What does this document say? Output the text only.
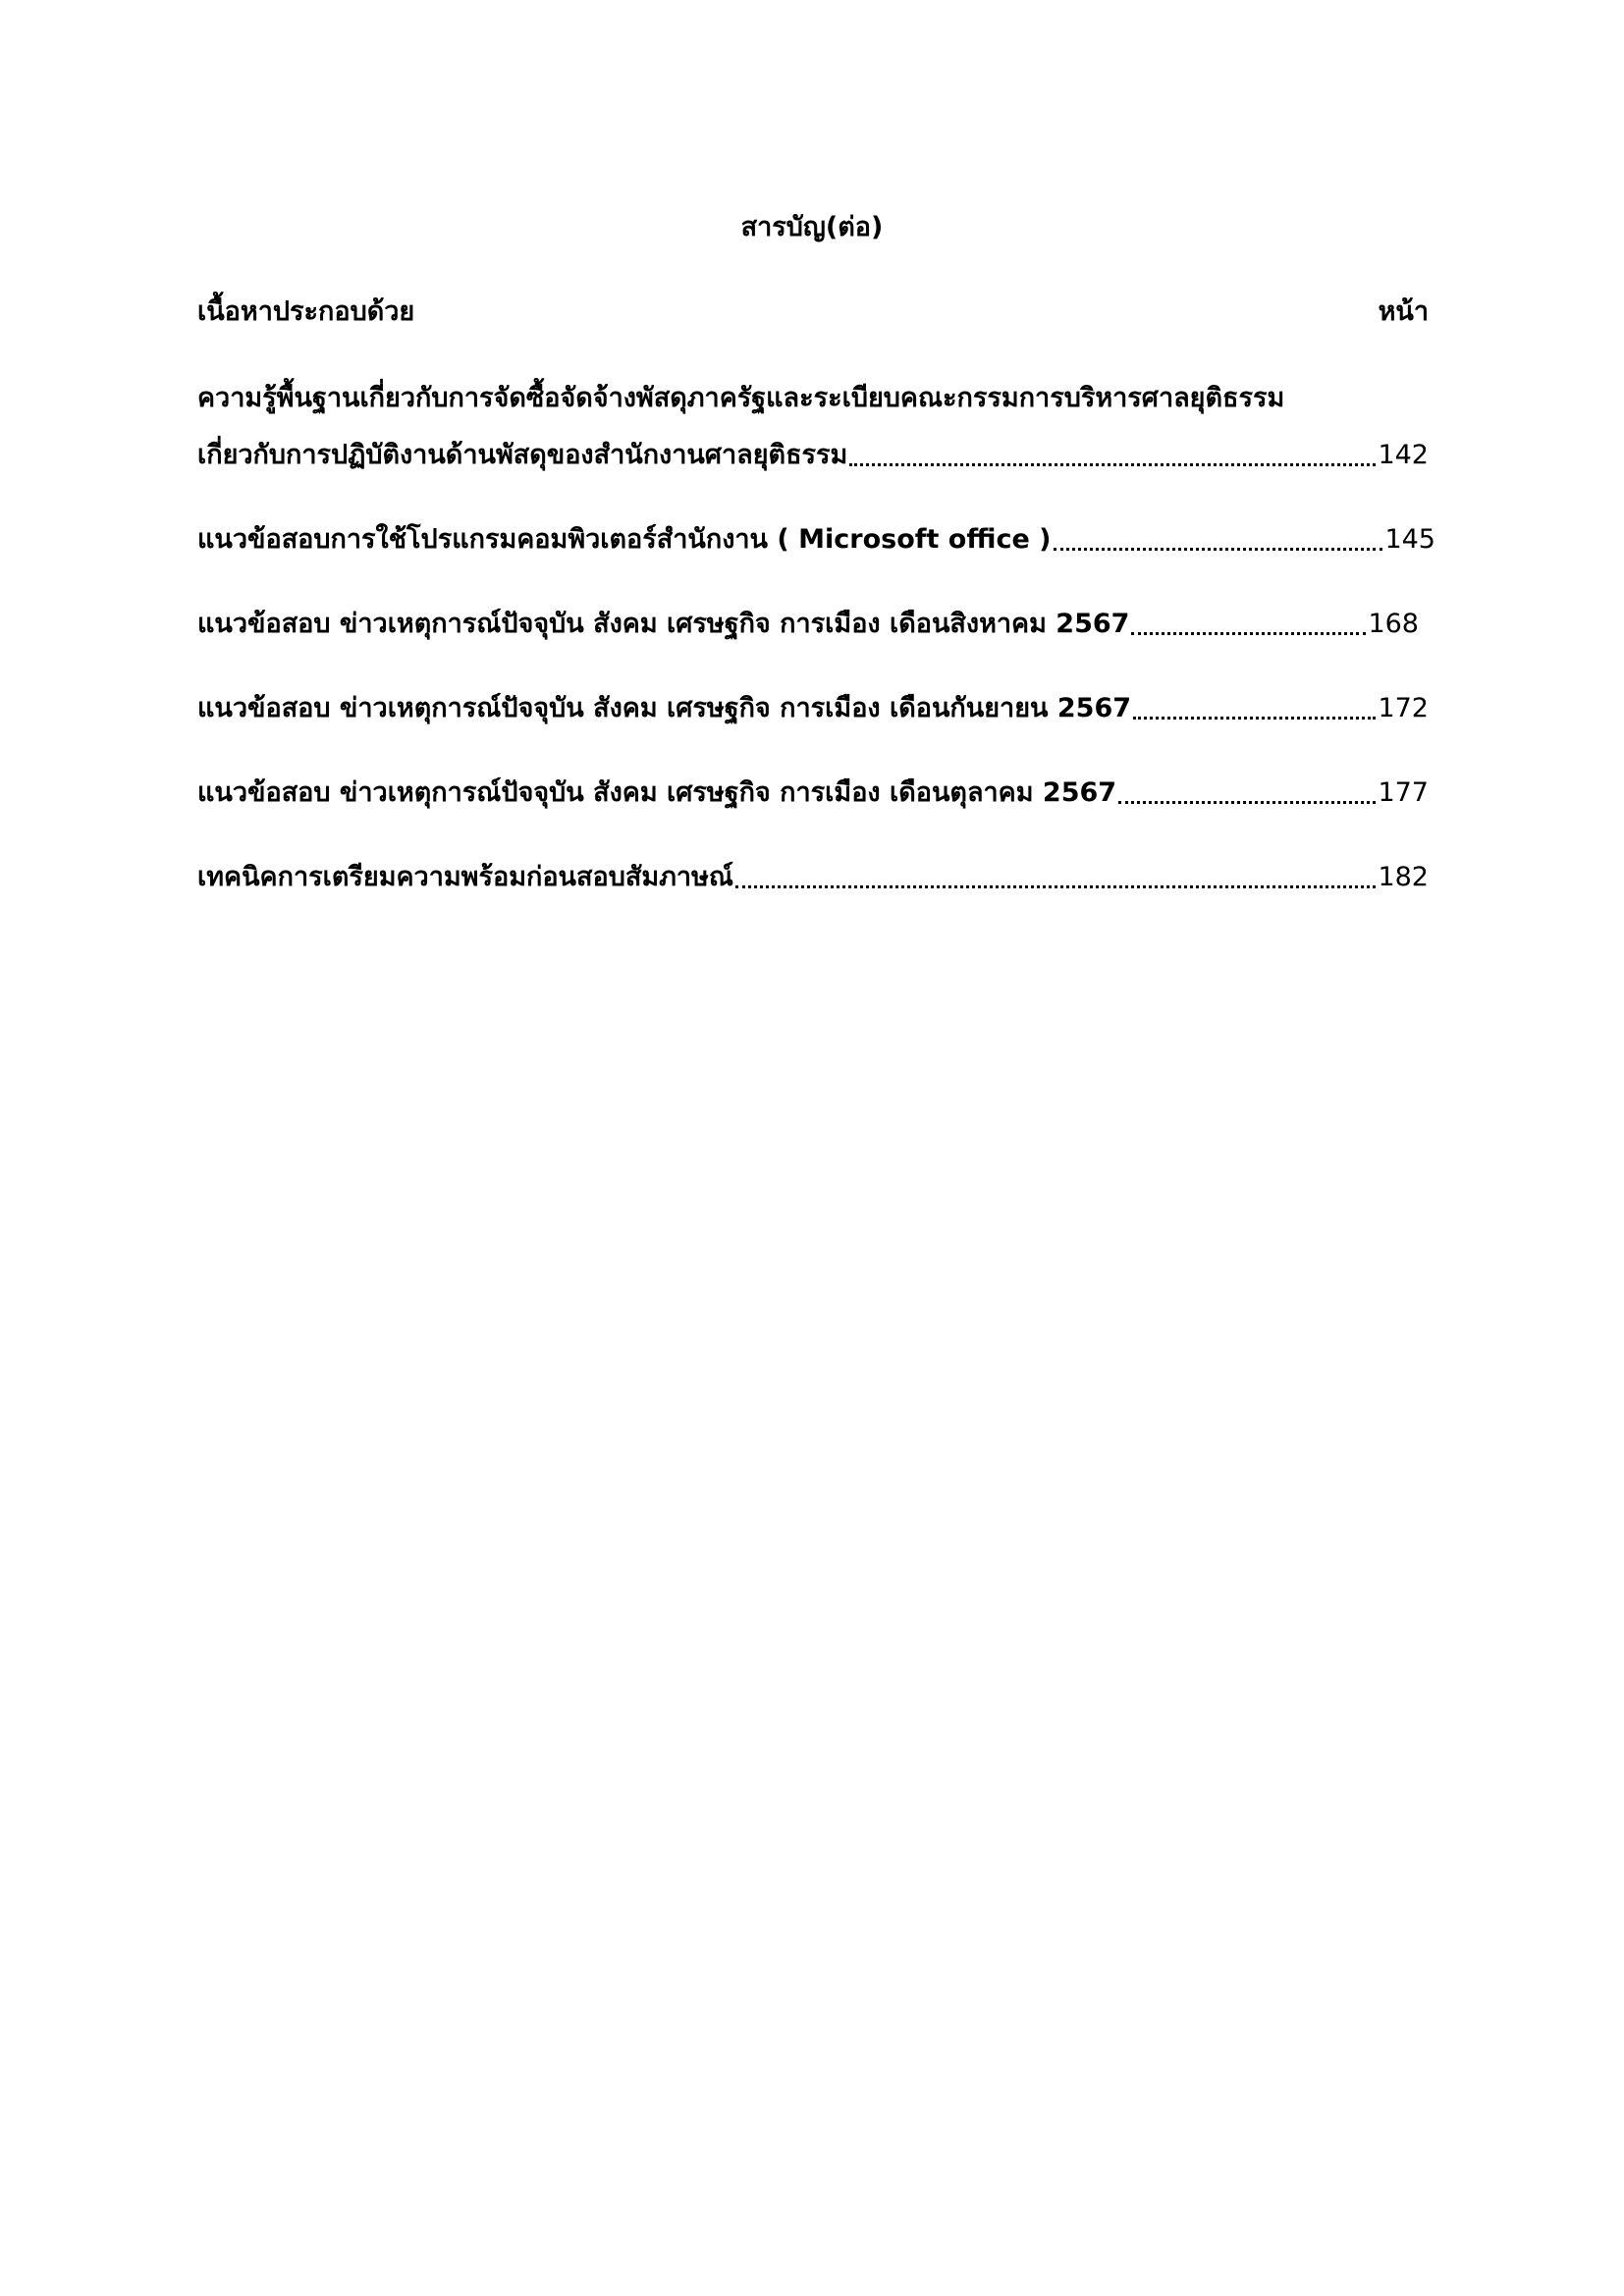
สารบัญ(ต่อ)
เนื้อหาประกอบด้วย	หน้า
ความรู้พื้นฐานเกี่ยวกับการจัดซื้อจัดจ้างพัสดุภาครัฐและระเบียบคณะกรรมการบริหารศาลยุติธรรม
เกี่ยวกับการปฏิบัติงานด้านพัสดุของสำนักงานศาลยุติธรรม	142
แนวข้อสอบการใช้โปรแกรมคอมพิวเตอร์สำนักงาน ( Microsoft office )	145
แนวข้อสอบ ข่าวเหตุการณ์ปัจจุบัน สังคม เศรษฐกิจ การเมือง เดือนสิงหาคม 2567	168
แนวข้อสอบ ข่าวเหตุการณ์ปัจจุบัน สังคม เศรษฐกิจ การเมือง เดือนกันยายน 2567	172
แนวข้อสอบ ข่าวเหตุการณ์ปัจจุบัน สังคม เศรษฐกิจ การเมือง เดือนตุลาคม 2567	177
เทคนิคการเตรียมความพร้อมก่อนสอบสัมภาษณ์	182
